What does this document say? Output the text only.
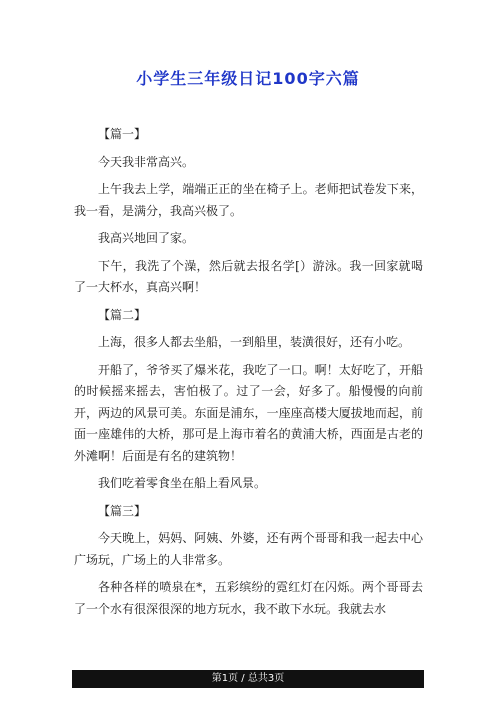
小学生三年级日记100字六篇

【篇一】

今天我非常高兴。

上午我去上学，端端正正的坐在椅子上。老师把试卷发下来，我一看，是满分，我高兴极了。

我高兴地回了家。

下午，我洗了个澡，然后就去报名学[）游泳。我一回家就喝了一大杯水，真高兴啊！

【篇二】

上海，很多人都去坐船，一到船里，装潢很好，还有小吃。

开船了，爷爷买了爆米花，我吃了一口。啊！太好吃了，开船的时候摇来摇去，害怕极了。过了一会，好多了。船慢慢的向前开，两边的风景可美。东面是浦东，一座座高楼大厦拔地而起，前面一座雄伟的大桥，那可是上海市着名的黄浦大桥，西面是古老的外滩啊！后面是有名的建筑物！

我们吃着零食坐在船上看风景。

【篇三】

今天晚上，妈妈、阿姨、外婆，还有两个哥哥和我一起去中心广场玩，广场上的人非常多。

各种各样的喷泉在*，五彩缤纷的霓红灯在闪烁。两个哥哥去了一个水有很深很深的地方玩水，我不敢下水玩。我就去水

第1页 / 总共3页
